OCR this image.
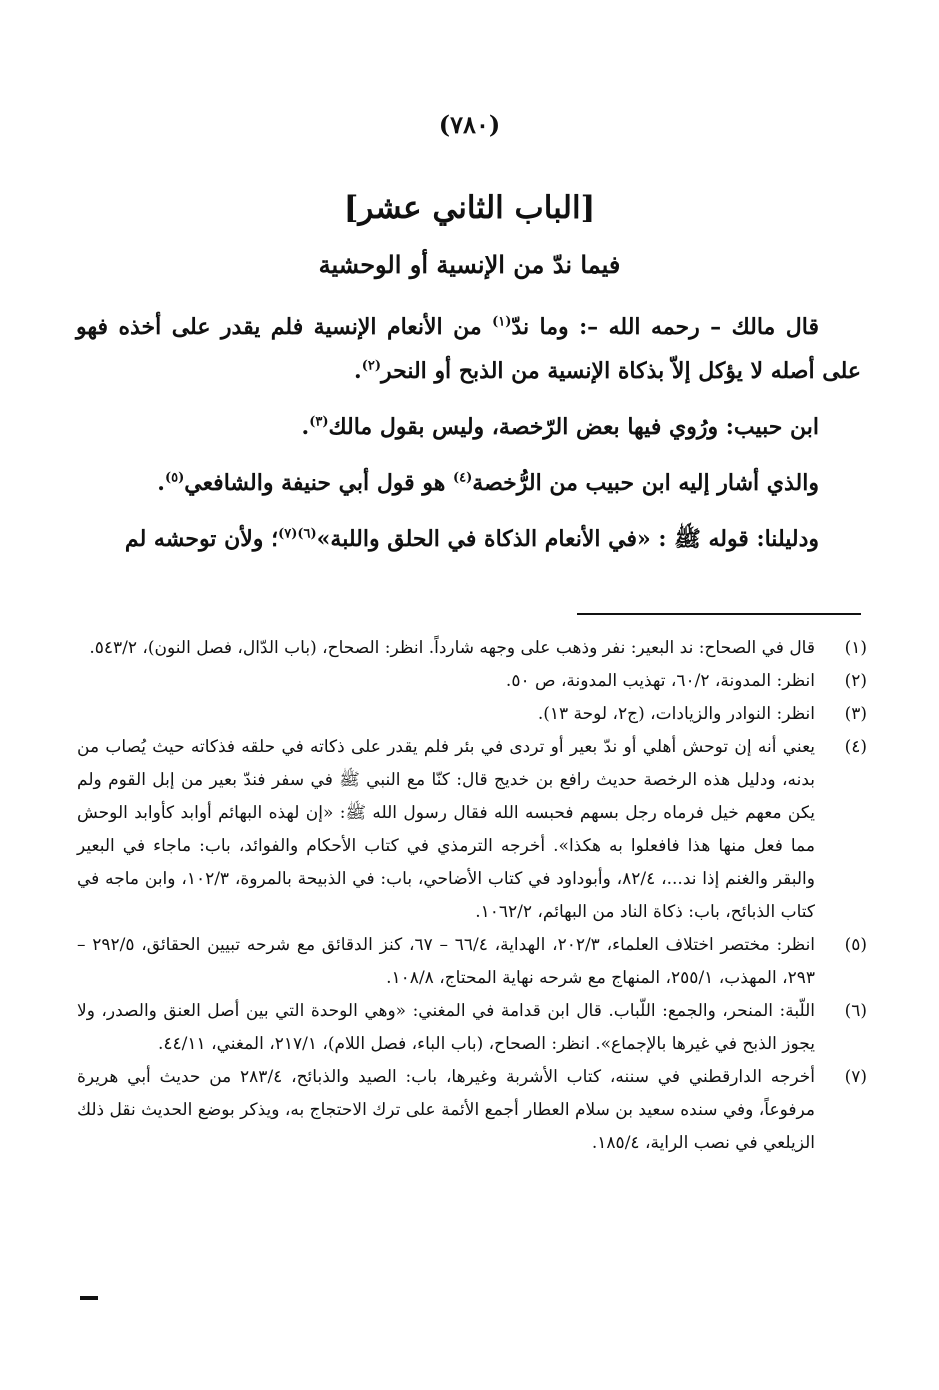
(٧٨٠)
[الباب الثاني عشر]
فيما ندّ من الإنسية أو الوحشية

قال مالك – رحمه الله –: وما ندّ$^{(١)}$ من الأنعام الإنسية فلم يقدر على أخذه فهو على أصله لا يؤكل إلاّ بذكاة الإنسية من الذبح أو النحر$^{(٢)}$.

ابن حبيب: ورُوي فيها بعض الرّخصة، وليس بقول مالك$^{(٣)}$.

والذي أشار إليه ابن حبيب من الرُّخصة$^{(٤)}$ هو قول أبي حنيفة والشافعي$^{(٥)}$.

ودليلنا: قوله ﷺ : «في الأنعام الذكاة في الحلق واللبة»$^{(٦)(٧)}$؛ ولأن توحشه لم

(١)
قال في الصحاح: ند البعير: نفر وذهب على وجهه شارداً. انظر: الصحاح، (باب الدّال، فصل النون)، ٥٤٣/٢.
(٢)
انظر: المدونة، ٦٠/٢، تهذيب المدونة، ص ٥٠.
(٣)
انظر: النوادر والزيادات، (ج٢، لوحة ١٣).
(٤)
يعني أنه إن توحش أهلي أو ندّ بعير أو تردى في بئر فلم يقدر على ذكاته في حلقه فذكاته حيث يُصاب من بدنه، ودليل هذه الرخصة حديث رافع بن خديج قال: كنّا مع النبي ﷺ في سفر فندّ بعير من إبل القوم ولم يكن معهم خيل فرماه رجل بسهم فحبسه الله فقال رسول الله ﷺ: «إن لهذه البهائم أوابد كأوابد الوحش مما فعل منها هذا فافعلوا به هكذا». أخرجه الترمذي في كتاب الأحكام والفوائد، باب: ماجاء في البعير والبقر والغنم إذا ند...، ٨٢/٤، وأبوداود في كتاب الأضاحي، باب: في الذبيحة بالمروة، ١٠٢/٣، وابن ماجه في كتاب الذبائح، باب: ذكاة الناد من البهائم، ١٠٦٢/٢.
(٥)
انظر: مختصر اختلاف العلماء، ٢٠٢/٣، الهداية، ٦٦/٤ – ٦٧، كنز الدقائق مع شرحه تبيين الحقائق، ٢٩٢/٥ – ٢٩٣، المهذب، ٢٥٥/١، المنهاج مع شرحه نهاية المحتاج، ١٠٨/٨.
(٦)
اللّبة: المنحر، والجمع: اللّباب. قال ابن قدامة في المغني: «وهي الوحدة التي بين أصل العنق والصدر، ولا يجوز الذبح في غيرها بالإجماع». انظر: الصحاح، (باب الباء، فصل اللام)، ٢١٧/١، المغني، ٤٤/١١.
(٧)
أخرجه الدارقطني في سننه، كتاب الأشربة وغيرها، باب: الصيد والذبائح، ٢٨٣/٤ من حديث أبي هريرة مرفوعاً، وفي سنده سعيد بن سلام العطار أجمع الأئمة على ترك الاحتجاج به، ويذكر بوضع الحديث نقل ذلك الزيلعي في نصب الراية، ١٨٥/٤.
